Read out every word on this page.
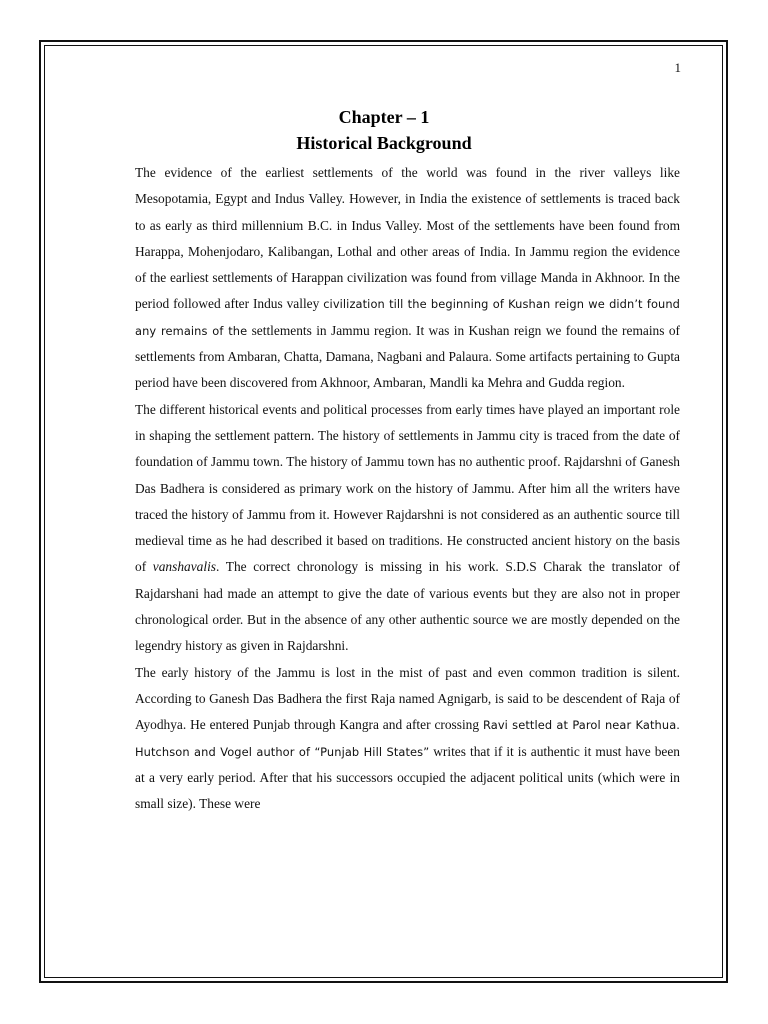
1
Chapter – 1
Historical Background

The evidence of the earliest settlements of the world was found in the river valleys like Mesopotamia, Egypt and Indus Valley. However, in India the existence of settlements is traced back to as early as third millennium B.C. in Indus Valley. Most of the settlements have been found from Harappa, Mohenjodaro, Kalibangan, Lothal and other areas of India. In Jammu region the evidence of the earliest settlements of Harappan civilization was found from village Manda in Akhnoor. In the period followed after Indus valley civilization till the beginning of Kushan reign we didn’t found any remains of the settlements in Jammu region. It was in Kushan reign we found the remains of settlements from Ambaran, Chatta, Damana, Nagbani and Palaura. Some artifacts pertaining to Gupta period have been discovered from Akhnoor, Ambaran, Mandli ka Mehra and Gudda region.

The different historical events and political processes from early times have played an important role in shaping the settlement pattern. The history of settlements in Jammu city is traced from the date of foundation of Jammu town. The history of Jammu town has no authentic proof. Rajdarshni of Ganesh Das Badhera is considered as primary work on the history of Jammu. After him all the writers have traced the history of Jammu from it. However Rajdarshni is not considered as an authentic source till medieval time as he had described it based on traditions. He constructed ancient history on the basis of vanshavalis. The correct chronology is missing in his work. S.D.S Charak the translator of Rajdarshani had made an attempt to give the date of various events but they are also not in proper chronological order. But in the absence of any other authentic source we are mostly depended on the legendry history as given in Rajdarshni.

The early history of the Jammu is lost in the mist of past and even common tradition is silent. According to Ganesh Das Badhera the first Raja named Agnigarb, is said to be descendent of Raja of Ayodhya. He entered Punjab through Kangra and after crossing Ravi settled at Parol near Kathua. Hutchson and Vogel author of “Punjab Hill States” writes that if it is authentic it must have been at a very early period. After that his successors occupied the adjacent political units (which were in small size). These were
